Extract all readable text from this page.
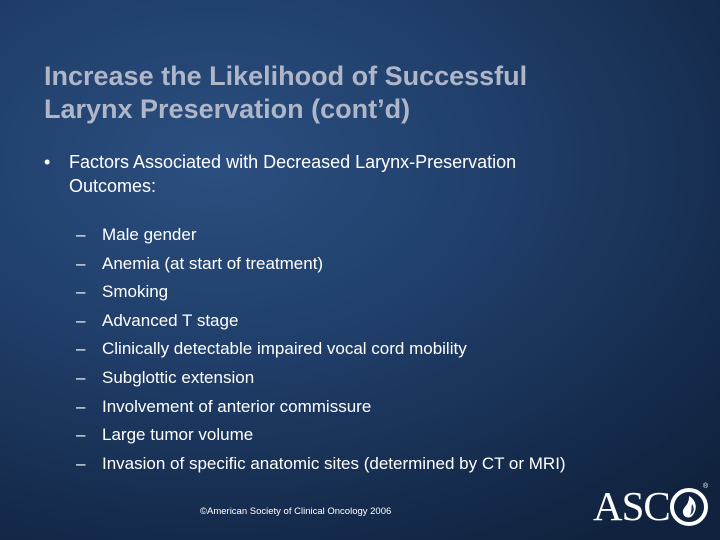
Increase the Likelihood of Successful
Larynx Preservation (cont’d)
• Factors Associated with Decreased Larynx-Preservation
Outcomes:
– Male gender
– Anemia (at start of treatment)
– Smoking
– Advanced T stage
– Clinically detectable impaired vocal cord mobility
– Subglottic extension
– Involvement of anterior commissure
– Large tumor volume
– Invasion of specific anatomic sites (determined by CT or MRI)
©American Society of Clinical Oncology 2006	ASC	®
